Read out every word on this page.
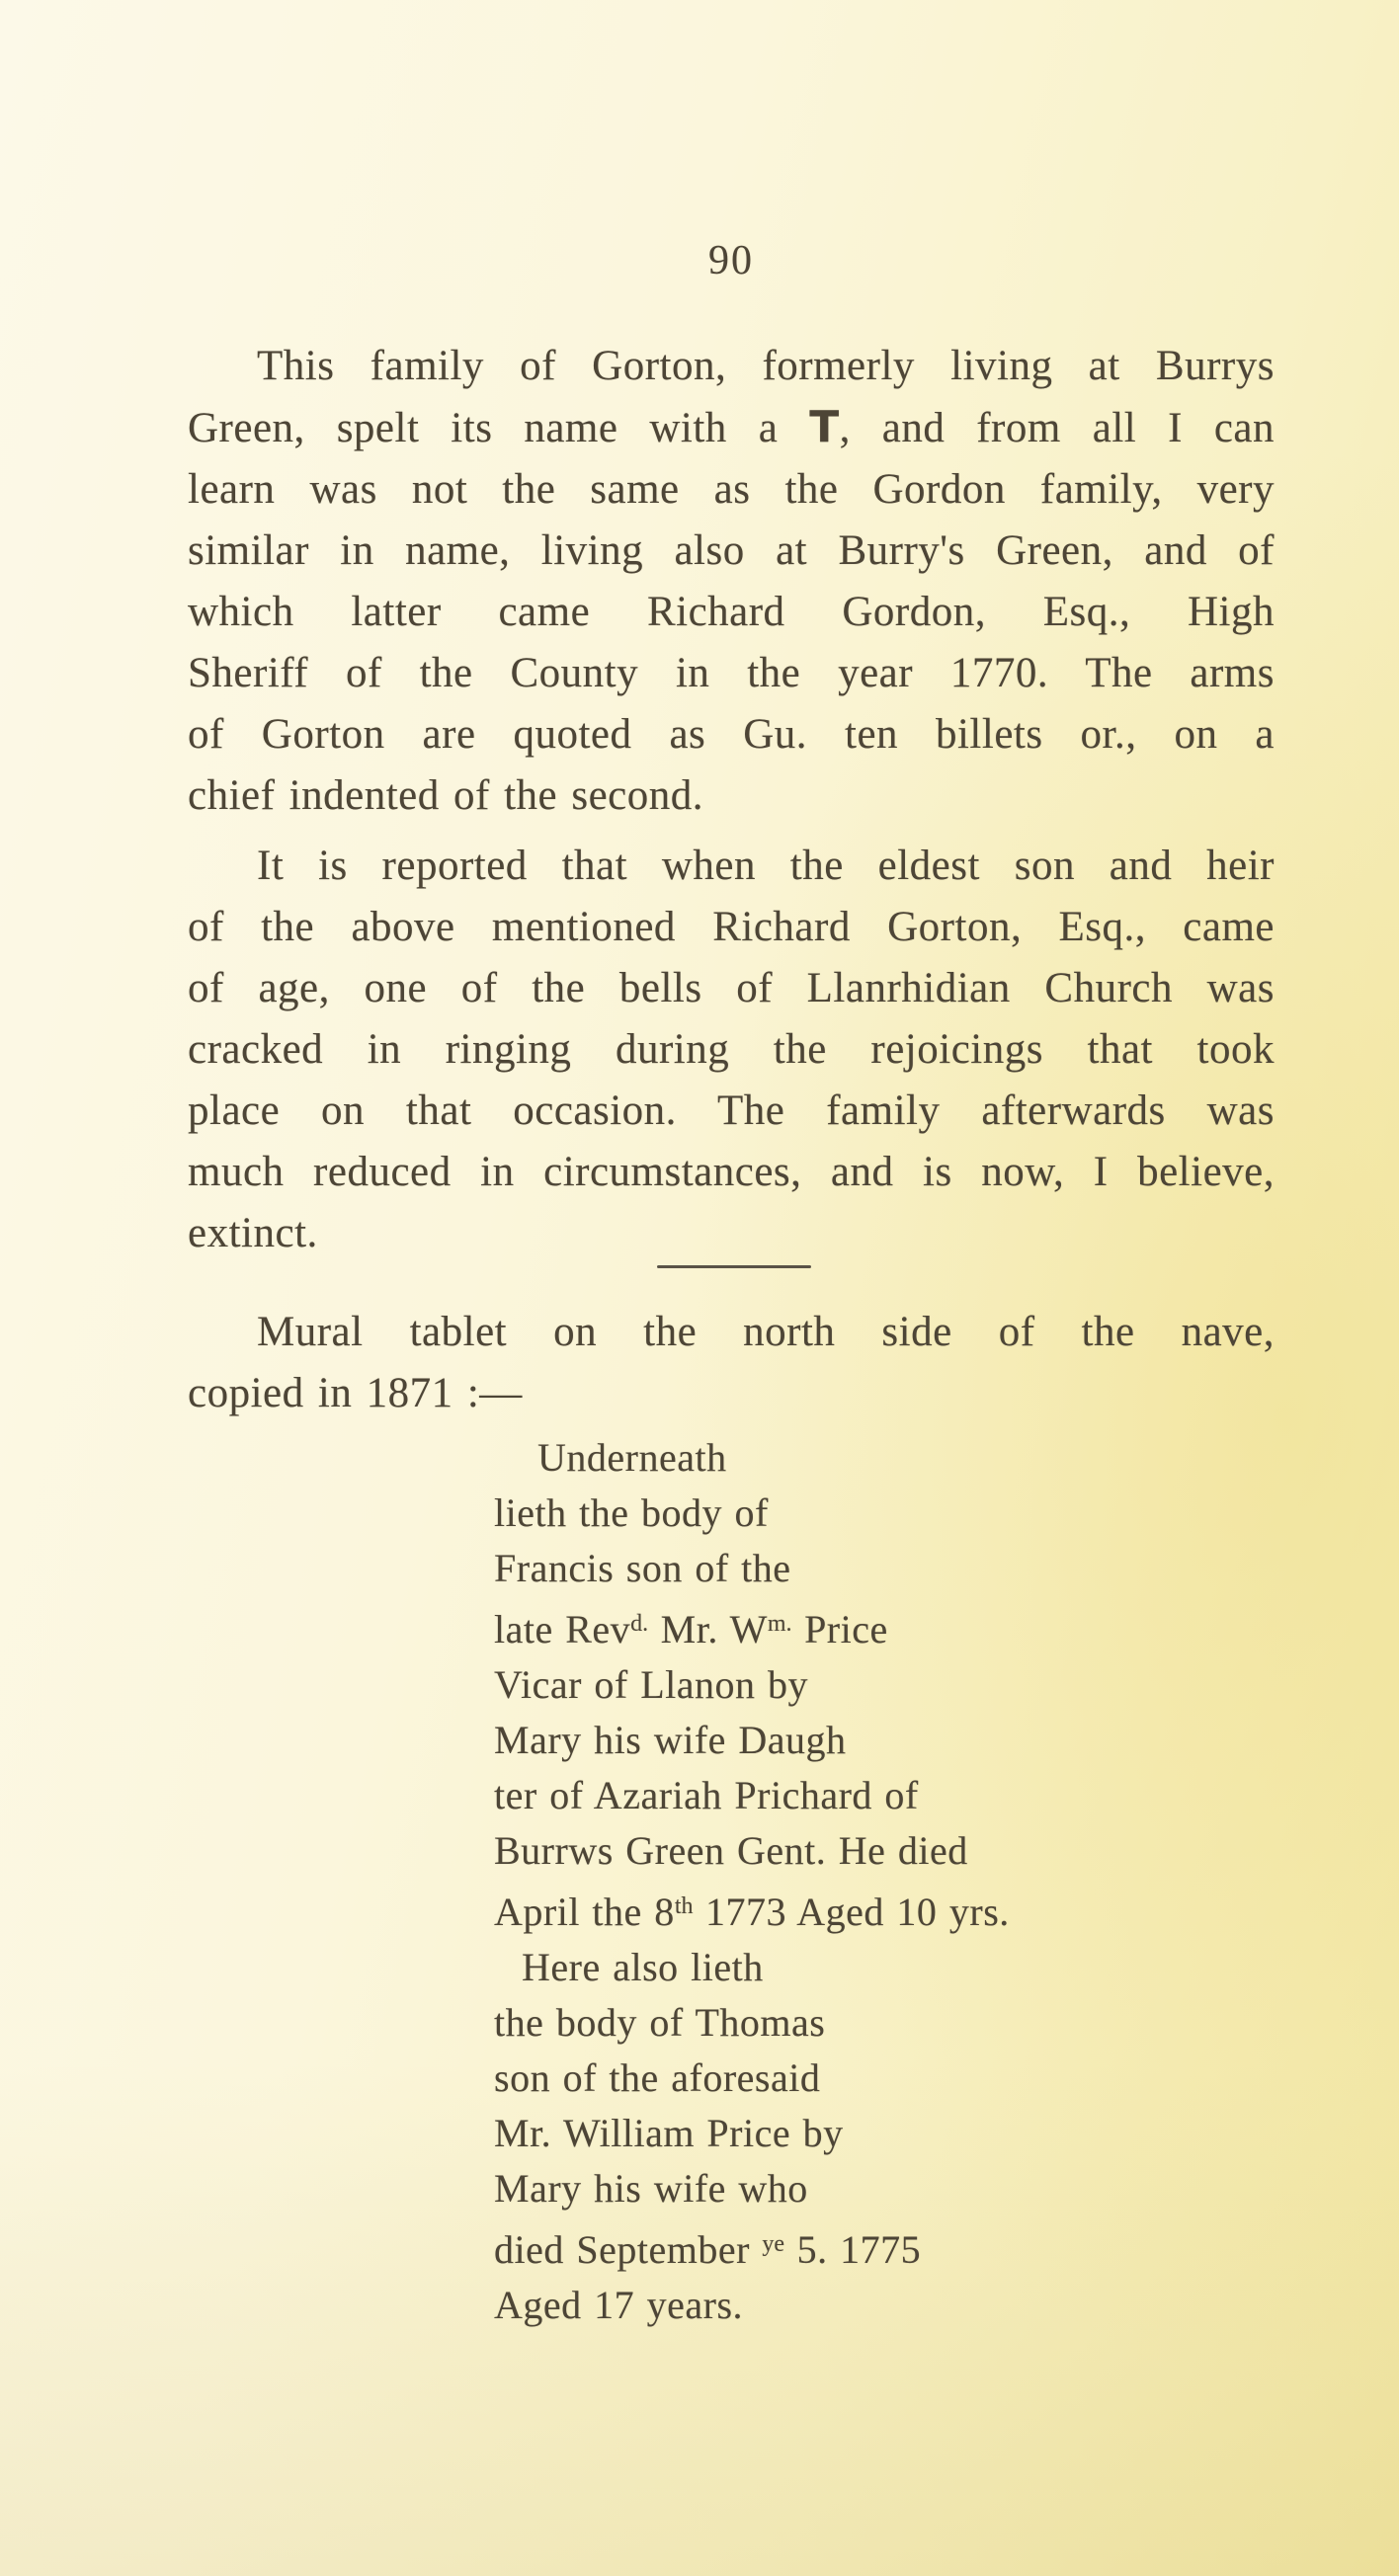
90
This family of Gorton, formerly living at Burrys
Green, spelt its name with a T, and from all I can
learn was not the same as the Gordon family, very
similar in name, living also at Burry's Green, and of
which latter came Richard Gordon, Esq., High
Sheriff of the County in the year 1770. The arms
of Gorton are quoted as Gu. ten billets or., on a
chief indented of the second.
It is reported that when the eldest son and heir
of the above mentioned Richard Gorton, Esq., came
of age, one of the bells of Llanrhidian Church was
cracked in ringing during the rejoicings that took
place on that occasion. The family afterwards was
much reduced in circumstances, and is now, I believe,
extinct.
Mural tablet on the north side of the nave,
copied in 1871 :—
Underneath
lieth the body of
Francis son of the
late Rev$^{d.}$ Mr. $W^{m.}$ Price
Vicar of Llanon by
Mary his wife Daugh
ter of Azariah Prichard of
Burrws Green Gent. He died
April the 8th 1773 Aged 10 yrs.
Here also lieth
the body of Thomas
son of the aforesaid
Mr. William Price by
Mary his wife who
died September $^{ye}$ 5. 1775
Aged 17 years.
